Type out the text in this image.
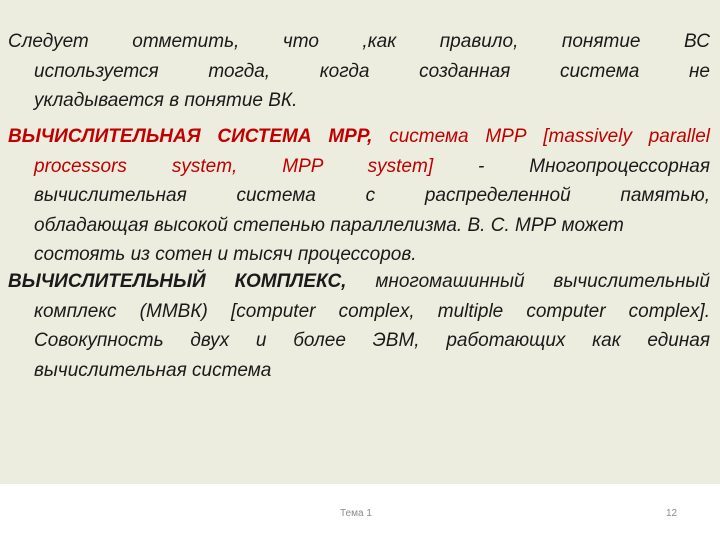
Следует отметить, что ,как правило, понятие ВС

используется тогда, когда созданная система не

укладывается в понятие ВК.

ВЫЧИСЛИТЕЛЬНАЯ СИСТЕМА МРР, система МРР [massively parallel

processors system, MPP system] - Многопроцессорная

вычислительная система с распределенной памятью,

обладающая высокой степенью параллелизма. В. С. МРР может

состоять из сотен и тысяч процессоров.

ВЫЧИСЛИТЕЛЬНЫЙ КОМПЛЕКС, многомашинный вычислительный

комплекс (ММВК) [computer complex, multiple computer complex].

Совокупность двух и более ЭВМ, работающих как единая

вычислительная система

Тема 1	12
